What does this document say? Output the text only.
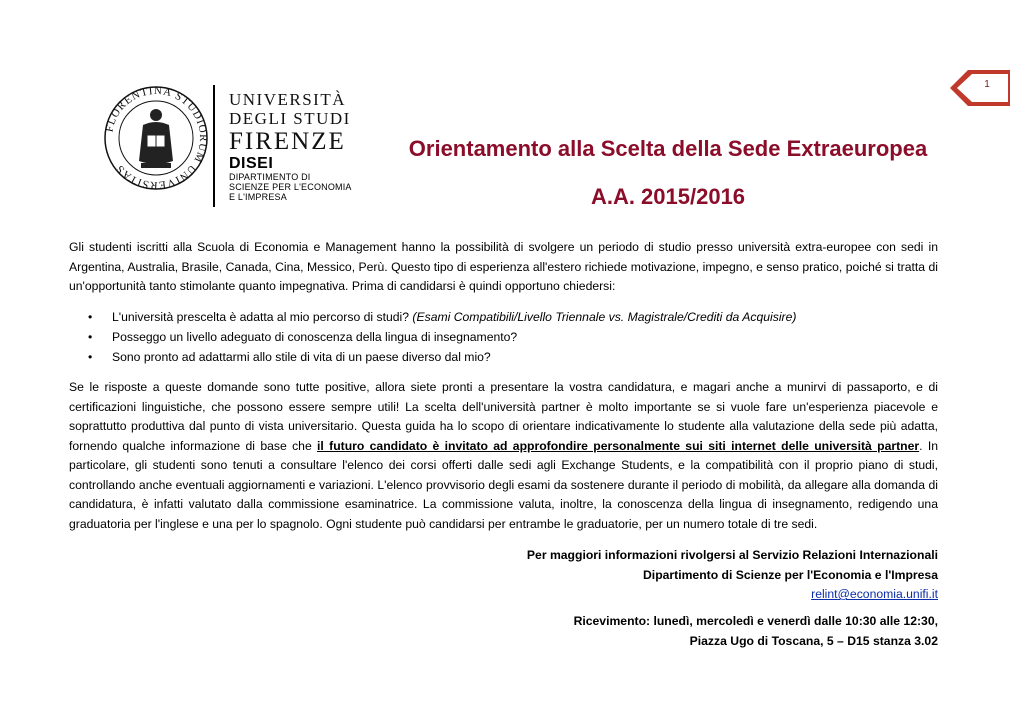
1
FLORENTINA STUDIORUM UNIVERSITAS
UNIVERSITÀ
DEGLI STUDI
FIRENZE
DISEI
DIPARTIMENTO DI
SCIENZE PER L'ECONOMIA
E L'IMPRESA
Orientamento alla Scelta della Sede Extraeuropea
A.A. 2015/2016
Gli studenti iscritti alla Scuola di Economia e Management hanno la possibilità di svolgere un periodo di studio presso università extra-europee con sedi in Argentina, Australia, Brasile, Canada, Cina, Messico, Perù. Questo tipo di esperienza all'estero richiede motivazione, impegno, e senso pratico, poiché si tratta di un'opportunità tanto stimolante quanto impegnativa. Prima di candidarsi è quindi opportuno chiedersi:
• L'università prescelta è adatta al mio percorso di studi? (Esami Compatibili/Livello Triennale vs. Magistrale/Crediti da Acquisire)
• Posseggo un livello adeguato di conoscenza della lingua di insegnamento?
• Sono pronto ad adattarmi allo stile di vita di un paese diverso dal mio?
Se le risposte a queste domande sono tutte positive, allora siete pronti a presentare la vostra candidatura, e magari anche a munirvi di passaporto, e di certificazioni linguistiche, che possono essere sempre utili! La scelta dell'università partner è molto importante se si vuole fare un'esperienza piacevole e soprattutto produttiva dal punto di vista universitario. Questa guida ha lo scopo di orientare indicativamente lo studente alla valutazione della sede più adatta, fornendo qualche informazione di base che il futuro candidato è invitato ad approfondire personalmente sui siti internet delle università partner. In particolare, gli studenti sono tenuti a consultare l'elenco dei corsi offerti dalle sedi agli Exchange Students, e la compatibilità con il proprio piano di studi, controllando anche eventuali aggiornamenti e variazioni. L'elenco provvisorio degli esami da sostenere durante il periodo di mobilità, da allegare alla domanda di candidatura, è infatti valutato dalla commissione esaminatrice. La commissione valuta, inoltre, la conoscenza della lingua di insegnamento, redigendo una graduatoria per l'inglese e una per lo spagnolo. Ogni studente può candidarsi per entrambe le graduatorie, per un numero totale di tre sedi.
Per maggiori informazioni rivolgersi al Servizio Relazioni Internazionali
Dipartimento di Scienze per l'Economia e l'Impresa
relint@economia.unifi.it
Ricevimento: lunedì, mercoledì e venerdì dalle 10:30 alle 12:30,
Piazza Ugo di Toscana, 5 – D15 stanza 3.02
